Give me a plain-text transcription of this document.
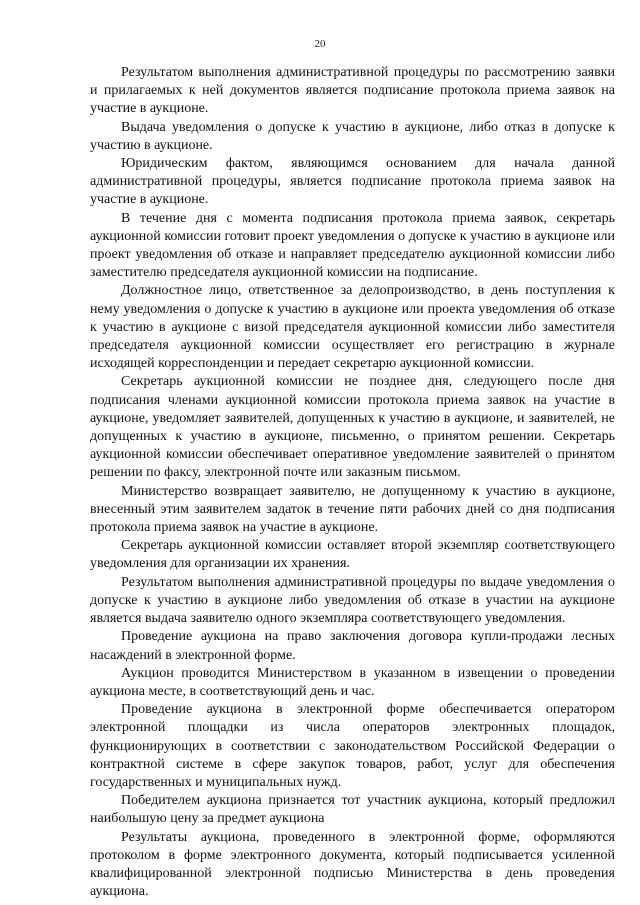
20

Результатом выполнения административной процедуры по рассмотрению заявки и прилагаемых к ней документов является подписание протокола приема заявок на участие в аукционе.

Выдача уведомления о допуске к участию в аукционе, либо отказ в допуске к участию в аукционе.

Юридическим фактом, являющимся основанием для начала данной административной процедуры, является подписание протокола приема заявок на участие в аукционе.

В течение дня с момента подписания протокола приема заявок, секретарь аукционной комиссии готовит проект уведомления о допуске к участию в аукционе или проект уведомления об отказе и направляет председателю аукционной комиссии либо заместителю председателя аукционной комиссии на подписание.

Должностное лицо, ответственное за делопроизводство, в день поступления к нему уведомления о допуске к участию в аукционе или проекта уведомления об отказе к участию в аукционе с визой председателя аукционной комиссии либо заместителя председателя аукционной комиссии осуществляет его регистрацию в журнале исходящей корреспонденции и передает секретарю аукционной комиссии.

Секретарь аукционной комиссии не позднее дня, следующего после дня подписания членами аукционной комиссии протокола приема заявок на участие в аукционе, уведомляет заявителей, допущенных к участию в аукционе, и заявителей, не допущенных к участию в аукционе, письменно, о принятом решении. Секретарь аукционной комиссии обеспечивает оперативное уведомление заявителей о принятом решении по факсу, электронной почте или заказным письмом.

Министерство возвращает заявителю, не допущенному к участию в аукционе, внесенный этим заявителем задаток в течение пяти рабочих дней со дня подписания протокола приема заявок на участие в аукционе.

Секретарь аукционной комиссии оставляет второй экземпляр соответствующего уведомления для организации их хранения.

Результатом выполнения административной процедуры по выдаче уведомления о допуске к участию в аукционе либо уведомления об отказе в участии на аукционе является выдача заявителю одного экземпляра соответствующего уведомления.

Проведение аукциона на право заключения договора купли-продажи лесных насаждений в электронной форме.

Аукцион проводится Министерством в указанном в извещении о проведении аукциона месте, в соответствующий день и час.

Проведение аукциона в электронной форме обеспечивается оператором электронной площадки из числа операторов электронных площадок, функционирующих в соответствии с законодательством Российской Федерации о контрактной системе в сфере закупок товаров, работ, услуг для обеспечения государственных и муниципальных нужд.

Победителем аукциона признается тот участник аукциона, который предложил наибольшую цену за предмет аукциона

Результаты аукциона, проведенного в электронной форме, оформляются протоколом в форме электронного документа, который подписывается усиленной квалифицированной электронной подписью Министерства в день проведения аукциона.
